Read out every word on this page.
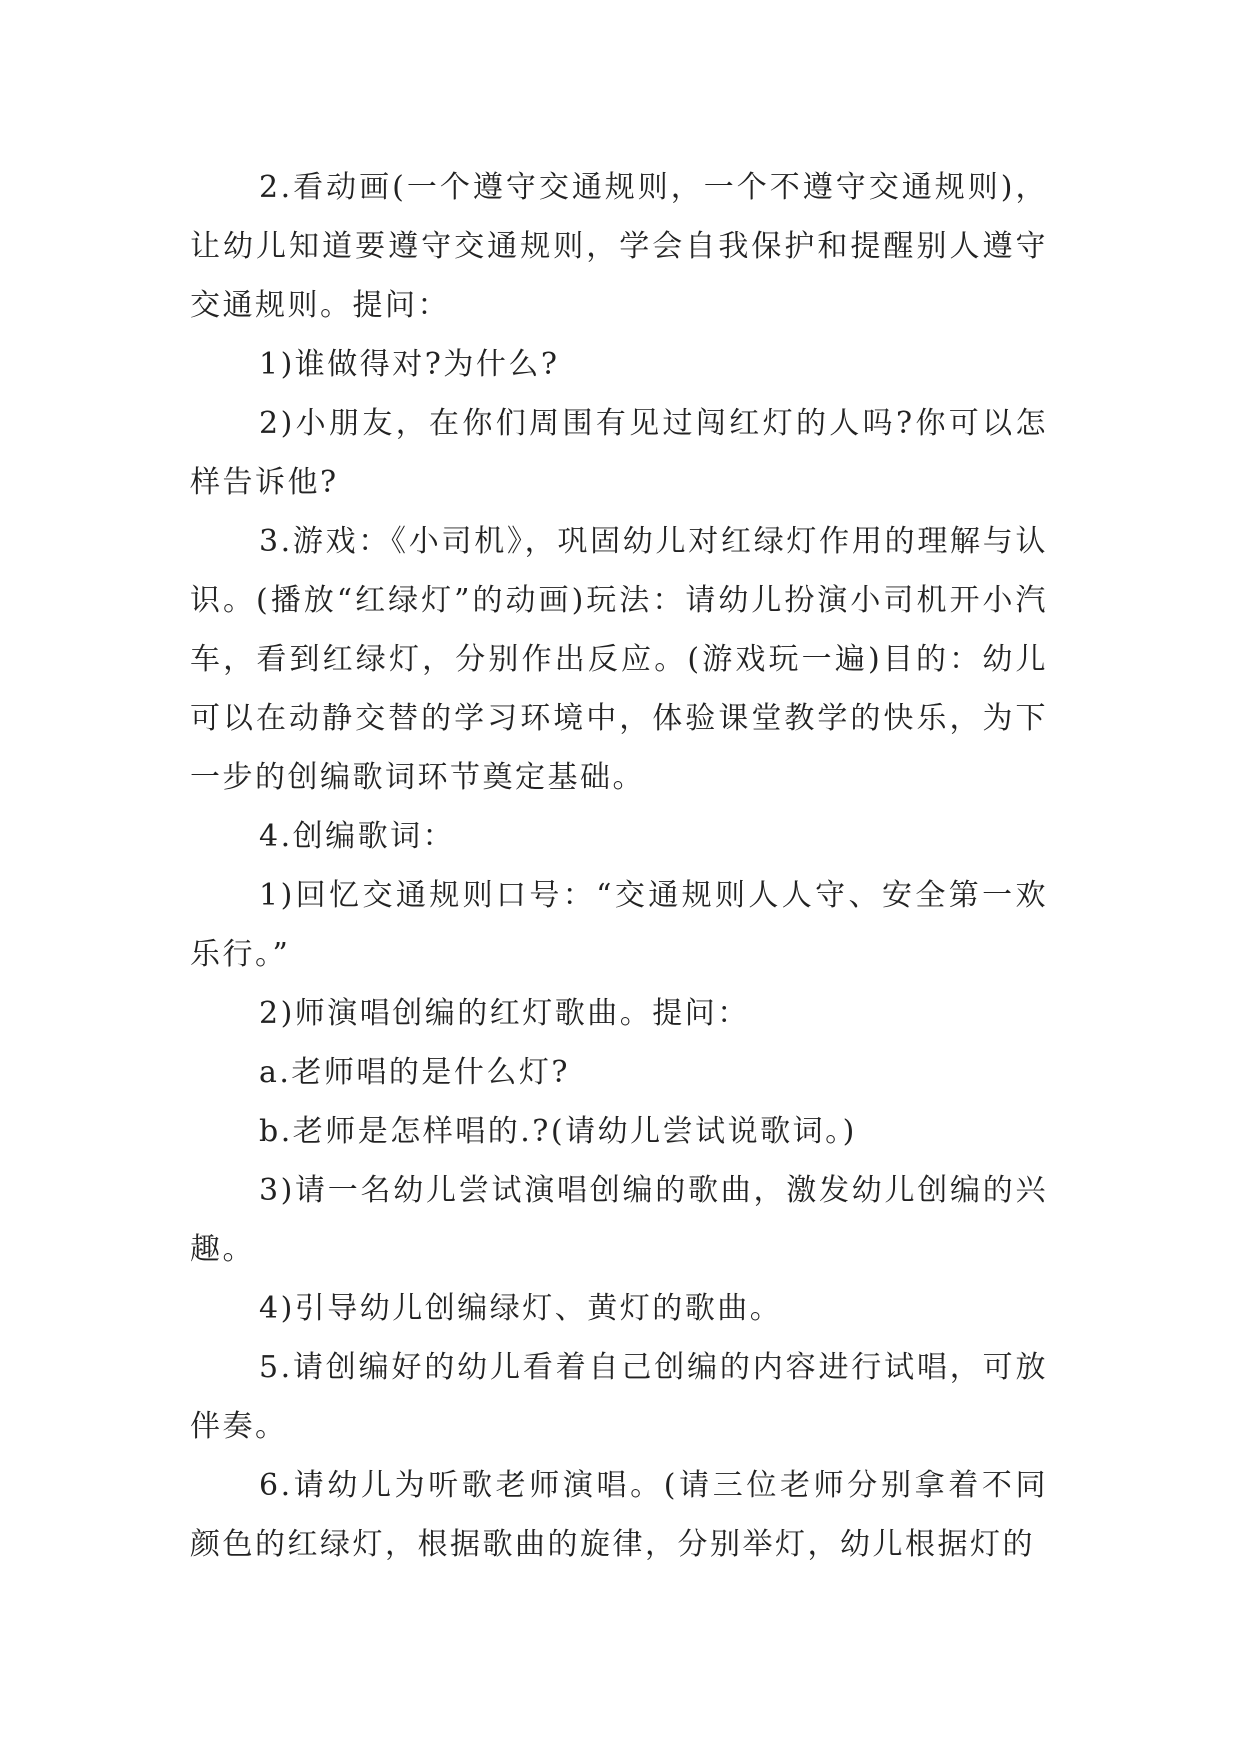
2.看动画(一个遵守交通规则，一个不遵守交通规则)，让幼儿知道要遵守交通规则，学会自我保护和提醒别人遵守交通规则。提问：

1)谁做得对?为什么?

2)小朋友，在你们周围有见过闯红灯的人吗?你可以怎样告诉他?

3.游戏：《小司机》，巩固幼儿对红绿灯作用的理解与认识。(播放“红绿灯”的动画)玩法：请幼儿扮演小司机开小汽车，看到红绿灯，分别作出反应。(游戏玩一遍)目的：幼儿可以在动静交替的学习环境中，体验课堂教学的快乐，为下一步的创编歌词环节奠定基础。

4.创编歌词：

1)回忆交通规则口号：“交通规则人人守、安全第一欢乐行。”

2)师演唱创编的红灯歌曲。提问：

a.老师唱的是什么灯?

b.老师是怎样唱的.?(请幼儿尝试说歌词。)

3)请一名幼儿尝试演唱创编的歌曲，激发幼儿创编的兴趣。

4)引导幼儿创编绿灯、黄灯的歌曲。

5.请创编好的幼儿看着自己创编的内容进行试唱，可放伴奏。

6.请幼儿为听歌老师演唱。(请三位老师分别拿着不同颜色的红绿灯，根据歌曲的旋律，分别举灯，幼儿根据灯的
